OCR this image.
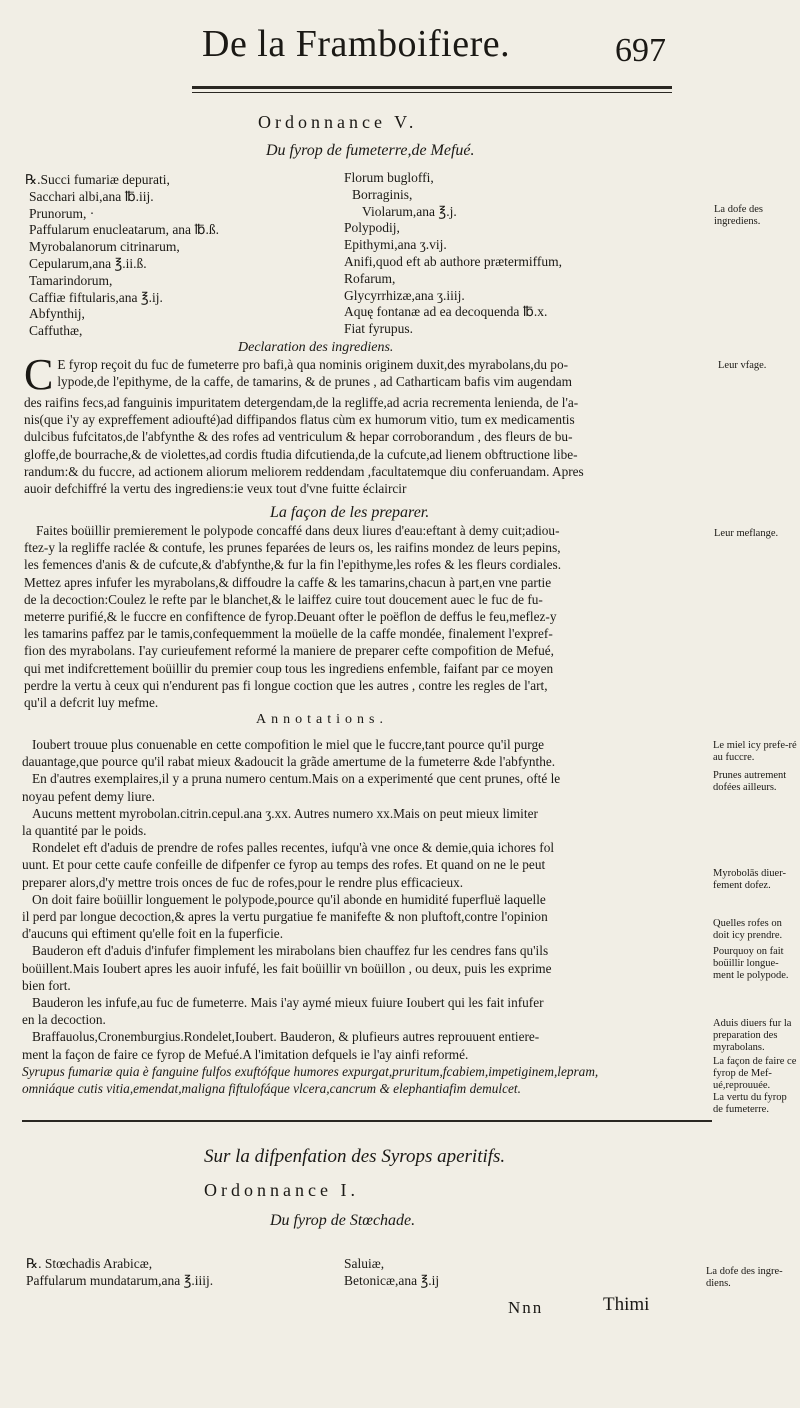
De la Framboifiere.	697
Ordonnance V.
Du fyrop de fumeterre,de Mefué.

℞.Succi fumariæ depurati,

Sacchari albi,ana ℔.iij.

Prunorum, ·

Paffularum enucleatarum, ana ℔.ß.

Myrobalanorum citrinarum,

Cepularum,ana ℥.ii.ß.

Tamarindorum,

Caffiæ fiftularis,ana ℥.ij.

Abfynthij,

Caffuthæ,

Florum bugloffi,

Borraginis,

Violarum,ana ℥.j.

Polypodij,

Epithymi,ana ʒ.vij.

Anifi,quod eft ab authore prætermiffum,

Rofarum,

Glycyrrhizæ,ana ʒ.iiij.

Aquę fontanæ ad ea decoquenda ℔.x.

Fiat fyrupus.

La dofe des ingrediens.
Declaration des ingrediens.
C E fyrop reçoit du fuc de fumeterre pro bafi,à qua nominis originem duxit,des myrabolans,du po-

lypode,de l'epithyme, de la caffe, de tamarins, & de prunes , ad Catharticam bafis vim augendam

des raifins fecs,ad fanguinis impuritatem detergendam,de la regliffe,ad acria recrementa lenienda, de l'a-

nis(que i'y ay expreffement adioufté)ad diffipandos flatus cùm ex humorum vitio, tum ex medicamentis

dulcibus fufcitatos,de l'abfynthe & des rofes ad ventriculum & hepar corroborandum , des fleurs de bu-

gloffe,de bourrache,& de violettes,ad cordis ftudia difcutienda,de la cufcute,ad lienem obftructione libe-

randum:& du fuccre, ad actionem aliorum meliorem reddendam ,facultatemque diu conferuandam. Apres

auoir defchiffré la vertu des ingrediens:ie veux tout d'vne fuitte éclaircir

Leur vfage.
La façon de les preparer.

Faites boüillir premierement le polypode concaffé dans deux liures d'eau:eftant à demy cuit;adiou-

ftez-y la regliffe raclée & contufe, les prunes feparées de leurs os, les raifins mondez de leurs pepins,

les femences d'anis & de cufcute,& d'abfynthe,& fur la fin l'epithyme,les rofes & les fleurs cordiales.

Mettez apres infufer les myrabolans,& diffoudre la caffe & les tamarins,chacun à part,en vne partie

de la decoction:Coulez le refte par le blanchet,& le laiffez cuire tout doucement auec le fuc de fu-

meterre purifié,& le fuccre en confiftence de fyrop.Deuant ofter le poëflon de deffus le feu,meflez-y

les tamarins paffez par le tamis,confequemment la moüelle de la caffe mondée, finalement l'expref-

fion des myrabolans. I'ay curieufement reformé la maniere de preparer cefte compofition de Mefué,

qui met indifcrettement boüillir du premier coup tous les ingrediens enfemble, faifant par ce moyen

perdre la vertu à ceux qui n'endurent pas fi longue coction que les autres , contre les regles de l'art,

qu'il a defcrit luy mefme.

Leur meflange.
Annotations.

Ioubert trouue plus conuenable en cette compofition le miel que le fuccre,tant pource qu'il purge

dauantage,que pource qu'il rabat mieux &adoucit la grãde amertume de la fumeterre &de l'abfynthe.

En d'autres exemplaires,il y a pruna numero centum.Mais on a experimenté que cent prunes, ofté le

noyau pefent demy liure.

Aucuns mettent myrobolan.citrin.cepul.ana ʒ.xx. Autres numero xx.Mais on peut mieux limiter

la quantité par le poids.

Rondelet eft d'aduis de prendre de rofes palles recentes, iufqu'à vne once & demie,quia ichores fol

uunt. Et pour cette caufe confeille de difpenfer ce fyrop au temps des rofes. Et quand on ne le peut

preparer alors,d'y mettre trois onces de fuc de rofes,pour le rendre plus efficacieux.

On doit faire boüillir longuement le polypode,pource qu'il abonde en humidité fuperfluë laquelle

il perd par longue decoction,& apres la vertu purgatiue fe manifefte & non pluftoft,contre l'opinion

d'aucuns qui eftiment qu'elle foit en la fuperficie.

Bauderon eft d'aduis d'infufer fimplement les mirabolans bien chauffez fur les cendres fans qu'ils

boüillent.Mais Ioubert apres les auoir infufé, les fait boüillir vn boüillon , ou deux, puis les exprime

bien fort.

Bauderon les infufe,au fuc de fumeterre. Mais i'ay aymé mieux fuiure Ioubert qui les fait infufer

en la decoction.

Braffauolus,Cronemburgius.Rondelet,Ioubert. Bauderon, & plufieurs autres reprouuent entiere-

ment la façon de faire ce fyrop de Mefué.A l'imitation defquels ie l'ay ainfi reformé.

Syrupus fumariæ quia è fanguine fulfos exuftófque humores expurgat,pruritum,fcabiem,impetiginem,lepram,

omniáque cutis vitia,emendat,maligna fiftulofáque vlcera,cancrum & elephantiafim demulcet.

Le miel icy prefe-ré au fuccre.
Prunes autrement dofées ailleurs.
Myrobolās diuer-fement dofez.
Quelles rofes on doit icy prendre.
Pourquoy on fait boüillir longue-ment le polypode.
Aduis diuers fur la preparation des myrabolans.
La façon de faire ce fyrop de Mef-ué,reprouuée.
La vertu du fyrop de fumeterre.
Sur la difpenfation des Syrops aperitifs.
Ordonnance I.
Du fyrop de Stœchade.

℞. Stœchadis Arabicæ,

Paffularum mundatarum,ana ℥.iiij.

Saluiæ,

Betonicæ,ana ℥.ij

La dofe des ingre-diens.
Nnn	Thimi
